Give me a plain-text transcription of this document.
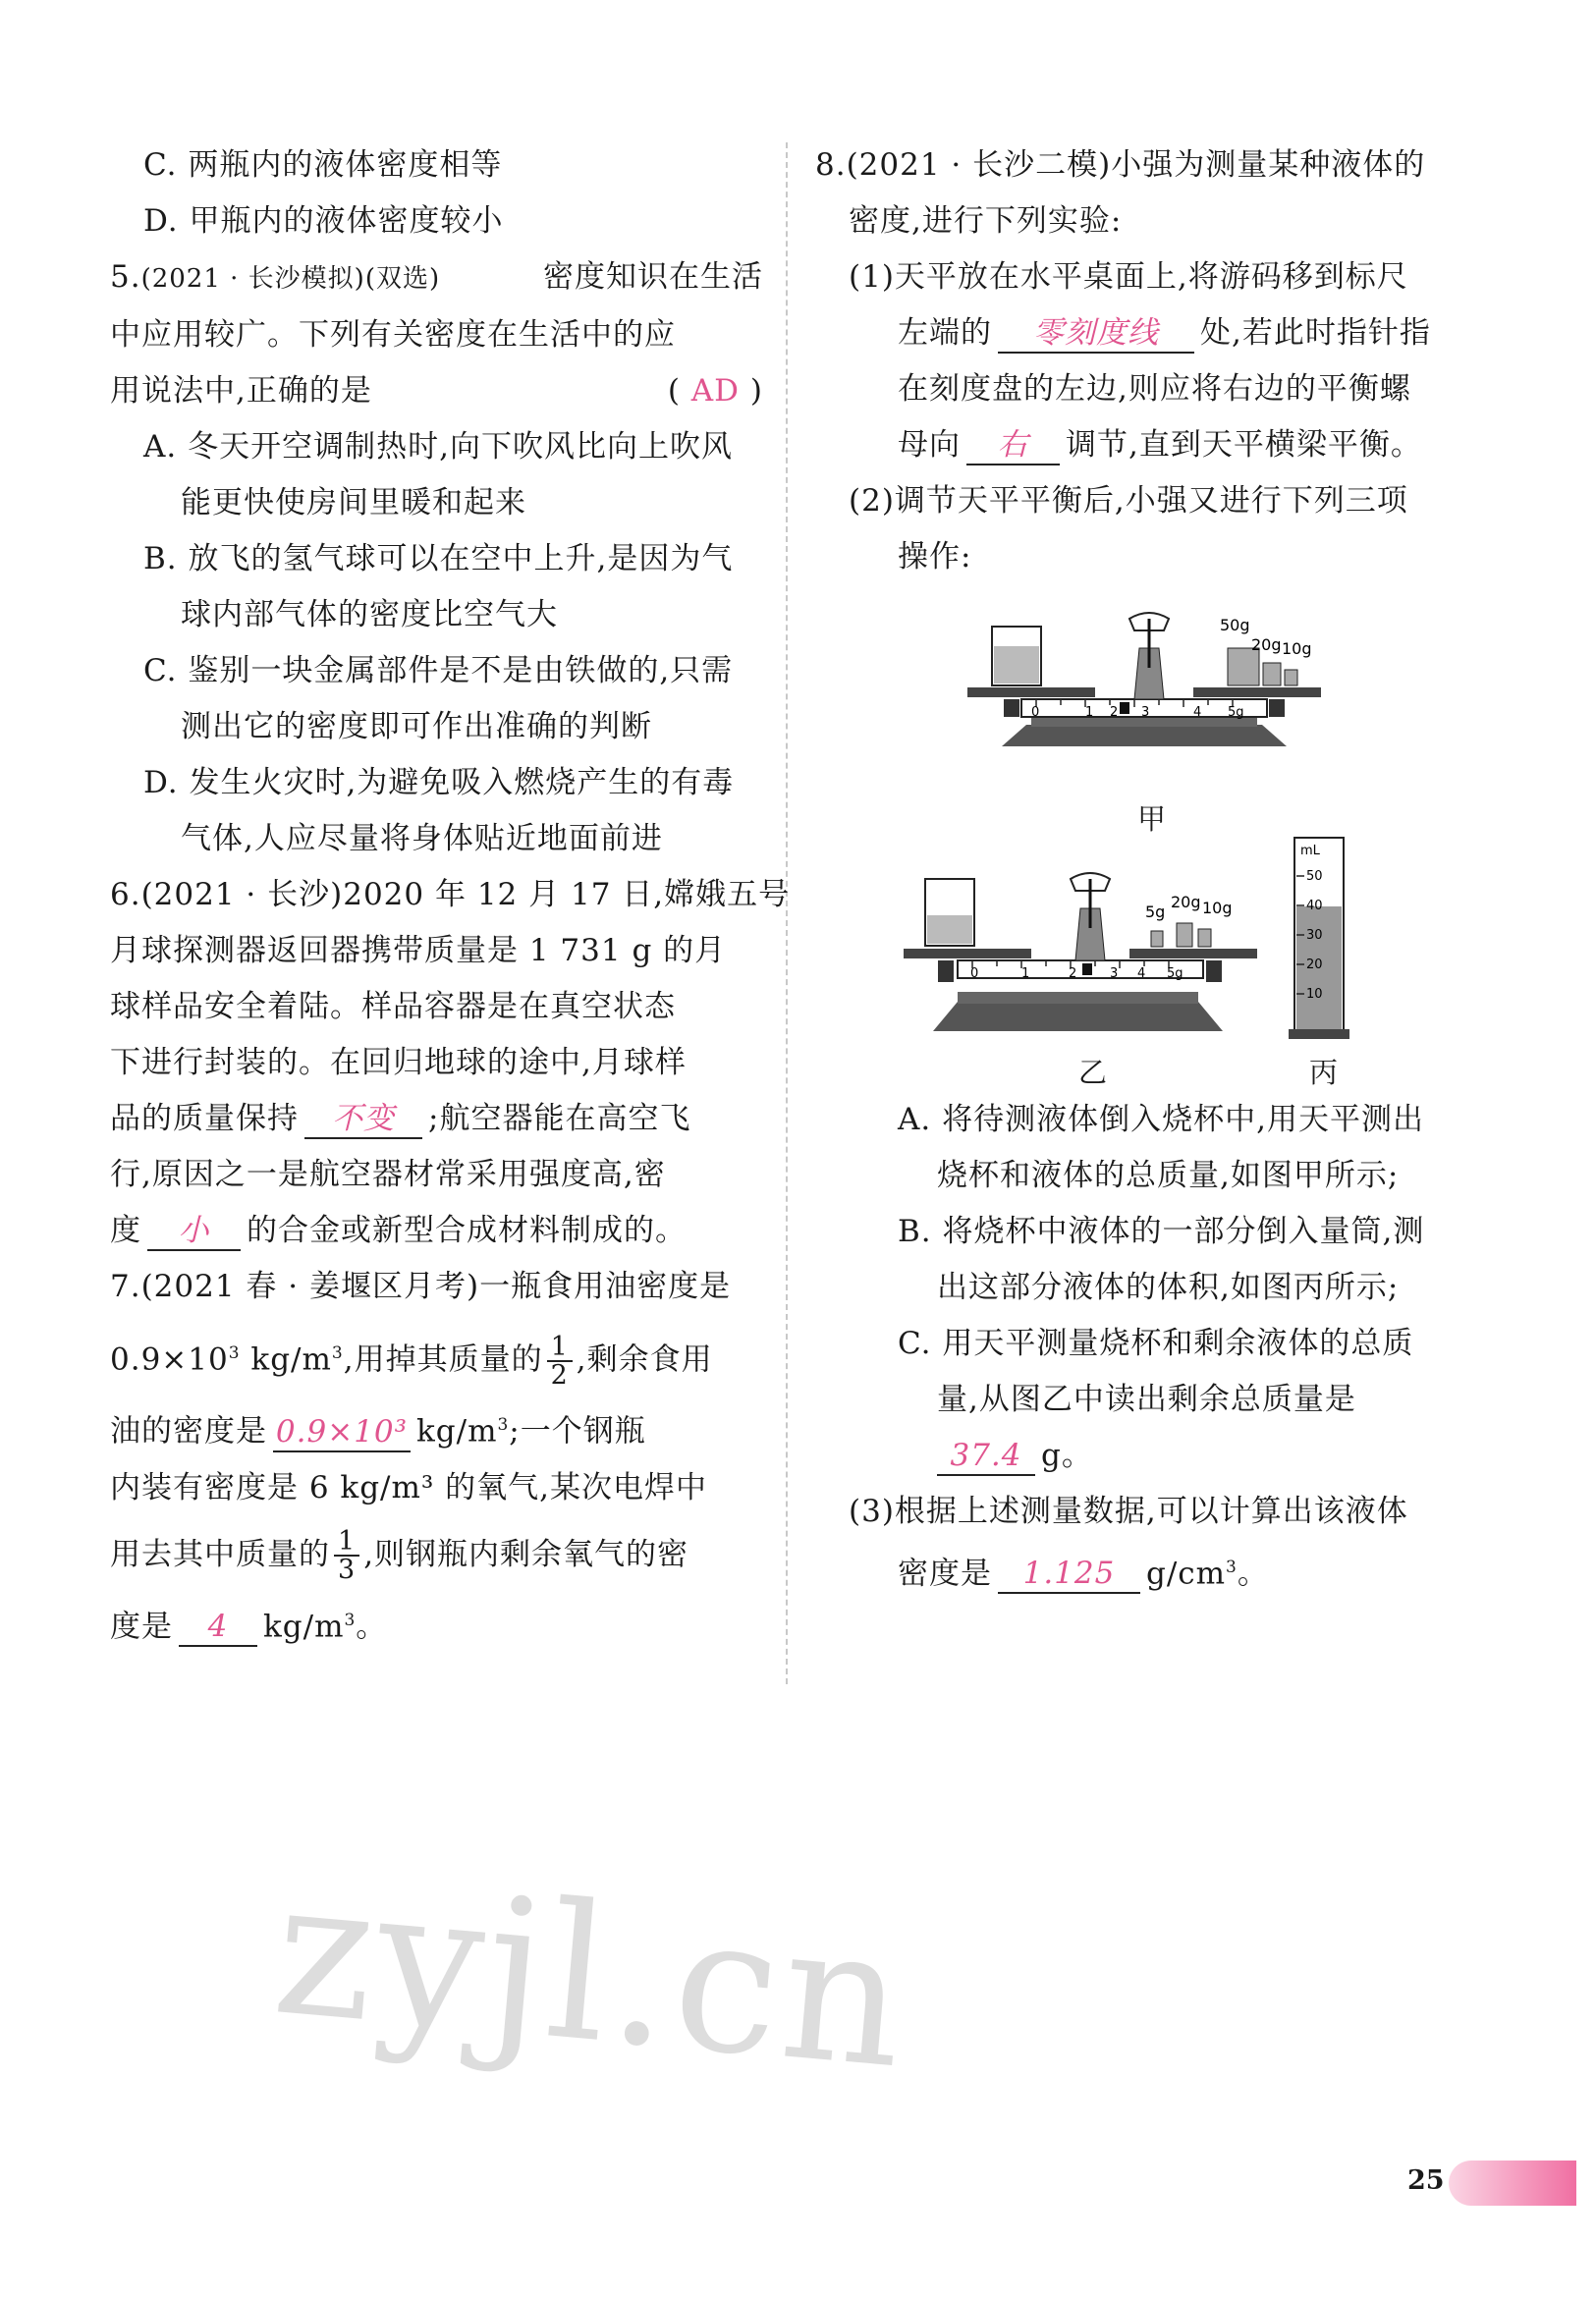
C. 两瓶内的液体密度相等
D. 甲瓶内的液体密度较小
5.(2021 · 长沙模拟)(双选)	密度知识在生活
中应用较广。下列有关密度在生活中的应
用说法中,正确的是	( AD )
A. 冬天开空调制热时,向下吹风比向上吹风
能更快使房间里暖和起来
B. 放飞的氢气球可以在空中上升,是因为气
球内部气体的密度比空气大
C. 鉴别一块金属部件是不是由铁做的,只需
测出它的密度即可作出准确的判断
D. 发生火灾时,为避免吸入燃烧产生的有毒
气体,人应尽量将身体贴近地面前进
6.(2021 · 长沙)2020 年 12 月 17 日,嫦娥五号
月球探测器返回器携带质量是 1 731 g 的月
球样品安全着陆。样品容器是在真空状态
下进行封装的。在回归地球的途中,月球样
品的质量保持 不变 ;航空器能在高空飞
行,原因之一是航空器材常采用强度高,密
度 小 的合金或新型合成材料制成的。
7.(2021 春 · 姜堰区月考)一瓶食用油密度是
$0.9\times 10^3$ $kg/m^3$,用掉其质量的 $\frac{1}{2}$ ,剩余食用
油的密度是 0.9×10³ $kg/m^3$;一个钢瓶
内装有密度是 6 kg/m³ 的氧气,某次电焊中
用去其中质量的 $\frac{1}{3}$ ,则钢瓶内剩余氧气的密
度是 4 $kg/m^3$。
8.(2021 · 长沙二模)小强为测量某种液体的
密度,进行下列实验:
(1)天平放在水平桌面上,将游码移到标尺
左端的 零刻度线 处,若此时指针指
在刻度盘的左边,则应将右边的平衡螺
母向 右 调节,直到天平横梁平衡。
(2)调节天平平衡后,小强又进行下列三项
操作:
0	1 2 3	4 5g
50g
20g 10g
甲
0	1	2	3 4 5g
5g
20g 10g
乙
mL
50
40
30
20
10
丙
A. 将待测液体倒入烧杯中,用天平测出
烧杯和液体的总质量,如图甲所示;
B. 将烧杯中液体的一部分倒入量筒,测
出这部分液体的体积,如图丙所示;
C. 用天平测量烧杯和剩余液体的总质
量,从图乙中读出剩余总质量是
37.4 g。
(3)根据上述测量数据,可以计算出该液体
密度是 1.125 $g/cm^3$。
zyjl.cn
25
